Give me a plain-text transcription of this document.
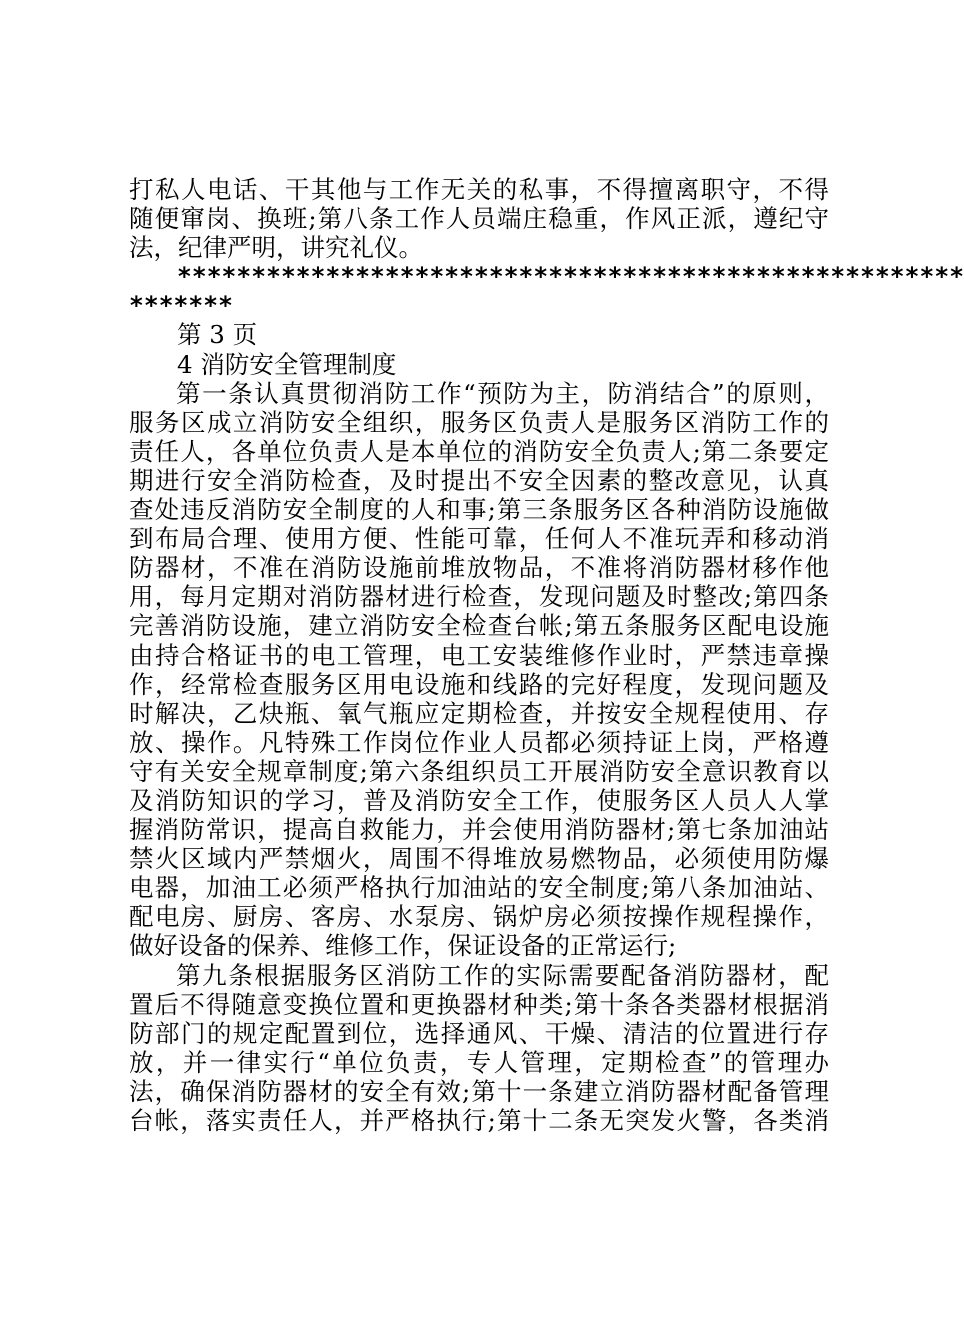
打私人电话、干其他与工作无关的私事，不得擅离职守，不得
随便窜岗、换班;第八条工作人员端庄稳重，作风正派，遵纪守
法，纪律严明，讲究礼仪。
*****************************************************
*******
第 3 页
4 消防安全管理制度
第一条认真贯彻消防工作“预防为主，防消结合”的原则，
服务区成立消防安全组织，服务区负责人是服务区消防工作的
责任人，各单位负责人是本单位的消防安全负责人;第二条要定
期进行安全消防检查，及时提出不安全因素的整改意见，认真
查处违反消防安全制度的人和事;第三条服务区各种消防设施做
到布局合理、使用方便、性能可靠，任何人不准玩弄和移动消
防器材，不准在消防设施前堆放物品，不准将消防器材移作他
用，每月定期对消防器材进行检查，发现问题及时整改;第四条
完善消防设施，建立消防安全检查台帐;第五条服务区配电设施
由持合格证书的电工管理，电工安装维修作业时，严禁违章操
作，经常检查服务区用电设施和线路的完好程度，发现问题及
时解决，乙炔瓶、氧气瓶应定期检查，并按安全规程使用、存
放、操作。凡特殊工作岗位作业人员都必须持证上岗，严格遵
守有关安全规章制度;第六条组织员工开展消防安全意识教育以
及消防知识的学习，普及消防安全工作，使服务区人员人人掌
握消防常识，提高自救能力，并会使用消防器材;第七条加油站
禁火区域内严禁烟火，周围不得堆放易燃物品，必须使用防爆
电器，加油工必须严格执行加油站的安全制度;第八条加油站、
配电房、厨房、客房、水泵房、锅炉房必须按操作规程操作，
做好设备的保养、维修工作，保证设备的正常运行;
第九条根据服务区消防工作的实际需要配备消防器材，配
置后不得随意变换位置和更换器材种类;第十条各类器材根据消
防部门的规定配置到位，选择通风、干燥、清洁的位置进行存
放，并一律实行“单位负责，专人管理，定期检查”的管理办
法，确保消防器材的安全有效;第十一条建立消防器材配备管理
台帐，落实责任人，并严格执行;第十二条无突发火警，各类消
